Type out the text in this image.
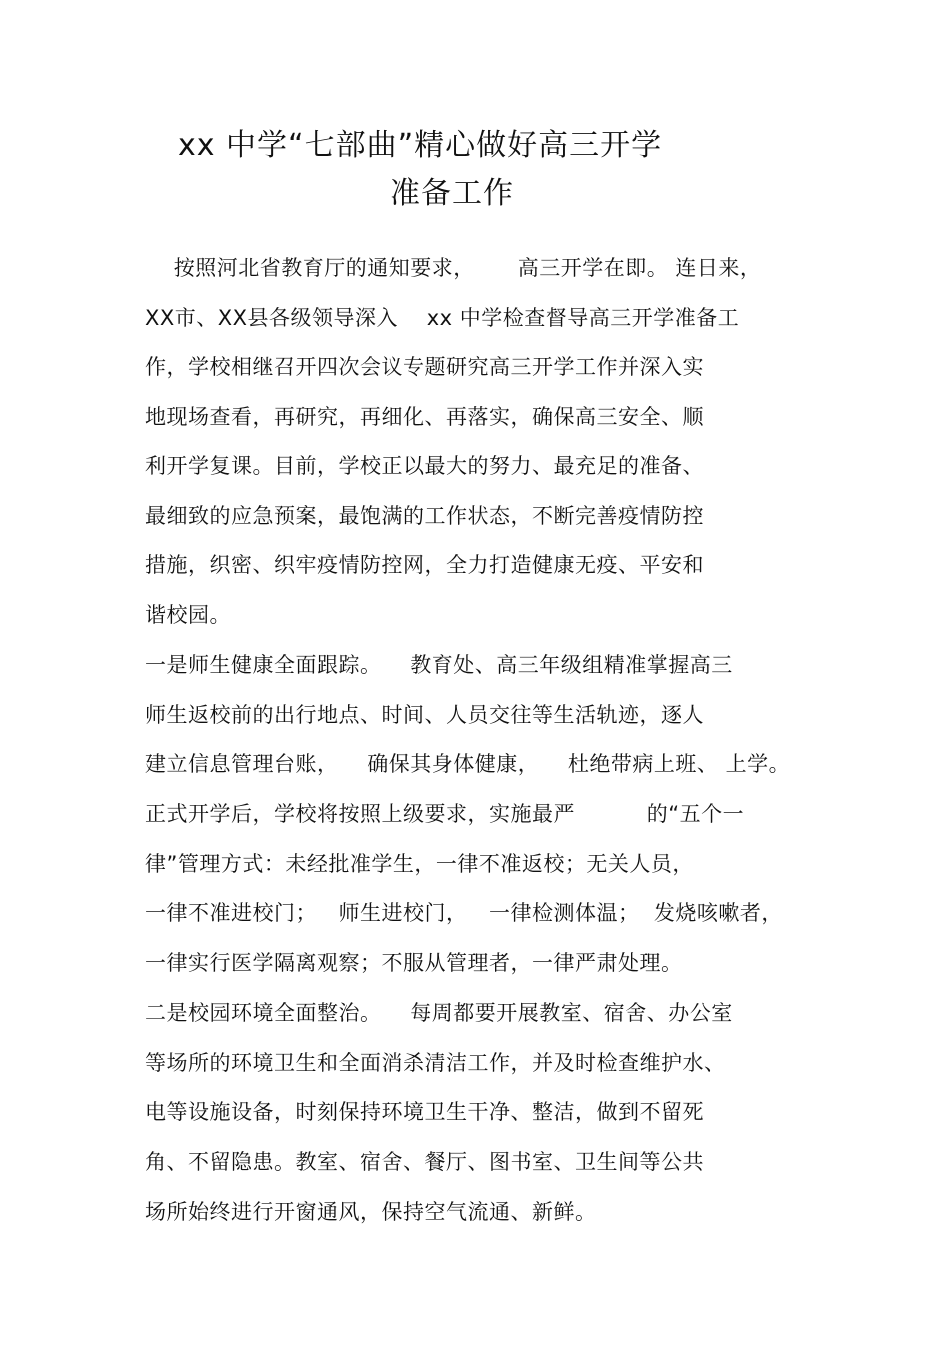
xx 中学“七部曲”精心做好高三开学
准备工作
按照河北省教育厅的通知要求，      高三开学在即。 连日来，
XX市、XX县各级领导深入    xx 中学检查督导高三开学准备工
作，学校相继召开四次会议专题研究高三开学工作并深入实
地现场查看，再研究，再细化、再落实，确保高三安全、顺
利开学复课。目前，学校正以最大的努力、最充足的准备、
最细致的应急预案，最饱满的工作状态，不断完善疫情防控
措施，织密、织牢疫情防控网，全力打造健康无疫、平安和
谐校园。
一是师生健康全面跟踪。    教育处、高三年级组精准掌握高三
师生返校前的出行地点、时间、人员交往等生活轨迹，逐人
建立信息管理台账，    确保其身体健康，    杜绝带病上班、 上学。
正式开学后，学校将按照上级要求，实施最严          的“五个一
律”管理方式：未经批准学生，一律不准返校；无关人员，
一律不准进校门；   师生进校门，   一律检测体温；  发烧咳嗽者，
一律实行医学隔离观察；不服从管理者，一律严肃处理。
二是校园环境全面整治。    每周都要开展教室、宿舍、办公室
等场所的环境卫生和全面消杀清洁工作，并及时检查维护水、
电等设施设备，时刻保持环境卫生干净、整洁，做到不留死
角、不留隐患。教室、宿舍、餐厅、图书室、卫生间等公共
场所始终进行开窗通风，保持空气流通、新鲜。
